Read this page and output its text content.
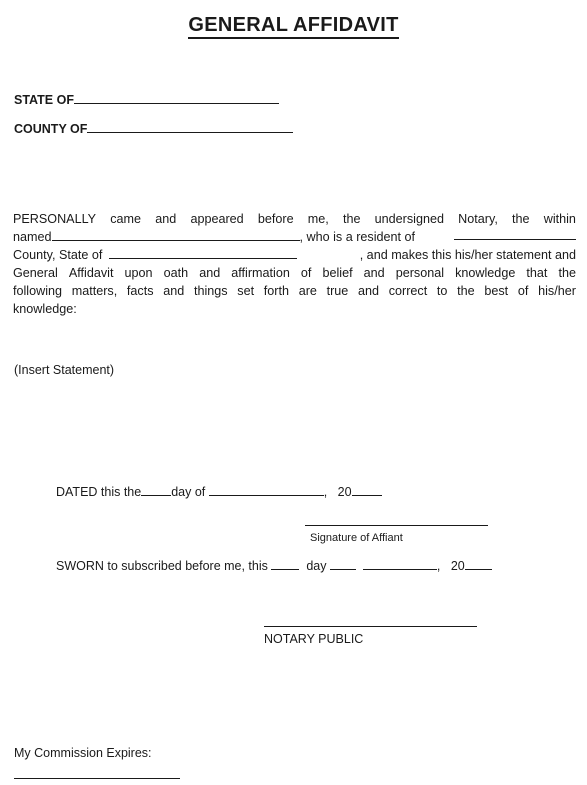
GENERAL AFFIDAVIT
STATE OF
COUNTY OF
PERSONALLY came and appeared before me, the undersigned Notary, the within
named	, who is a resident of
County, State of	, and makes this his/her statement and
General Affidavit upon oath and affirmation of belief and personal knowledge that the
following matters, facts and things set forth are true and correct to the best of his/her
knowledge:
(Insert Statement)
DATED this the day of	,   20
Signature of Affiant
SWORN to subscribed before me, this	day	,   20
NOTARY PUBLIC
My Commission Expires:
